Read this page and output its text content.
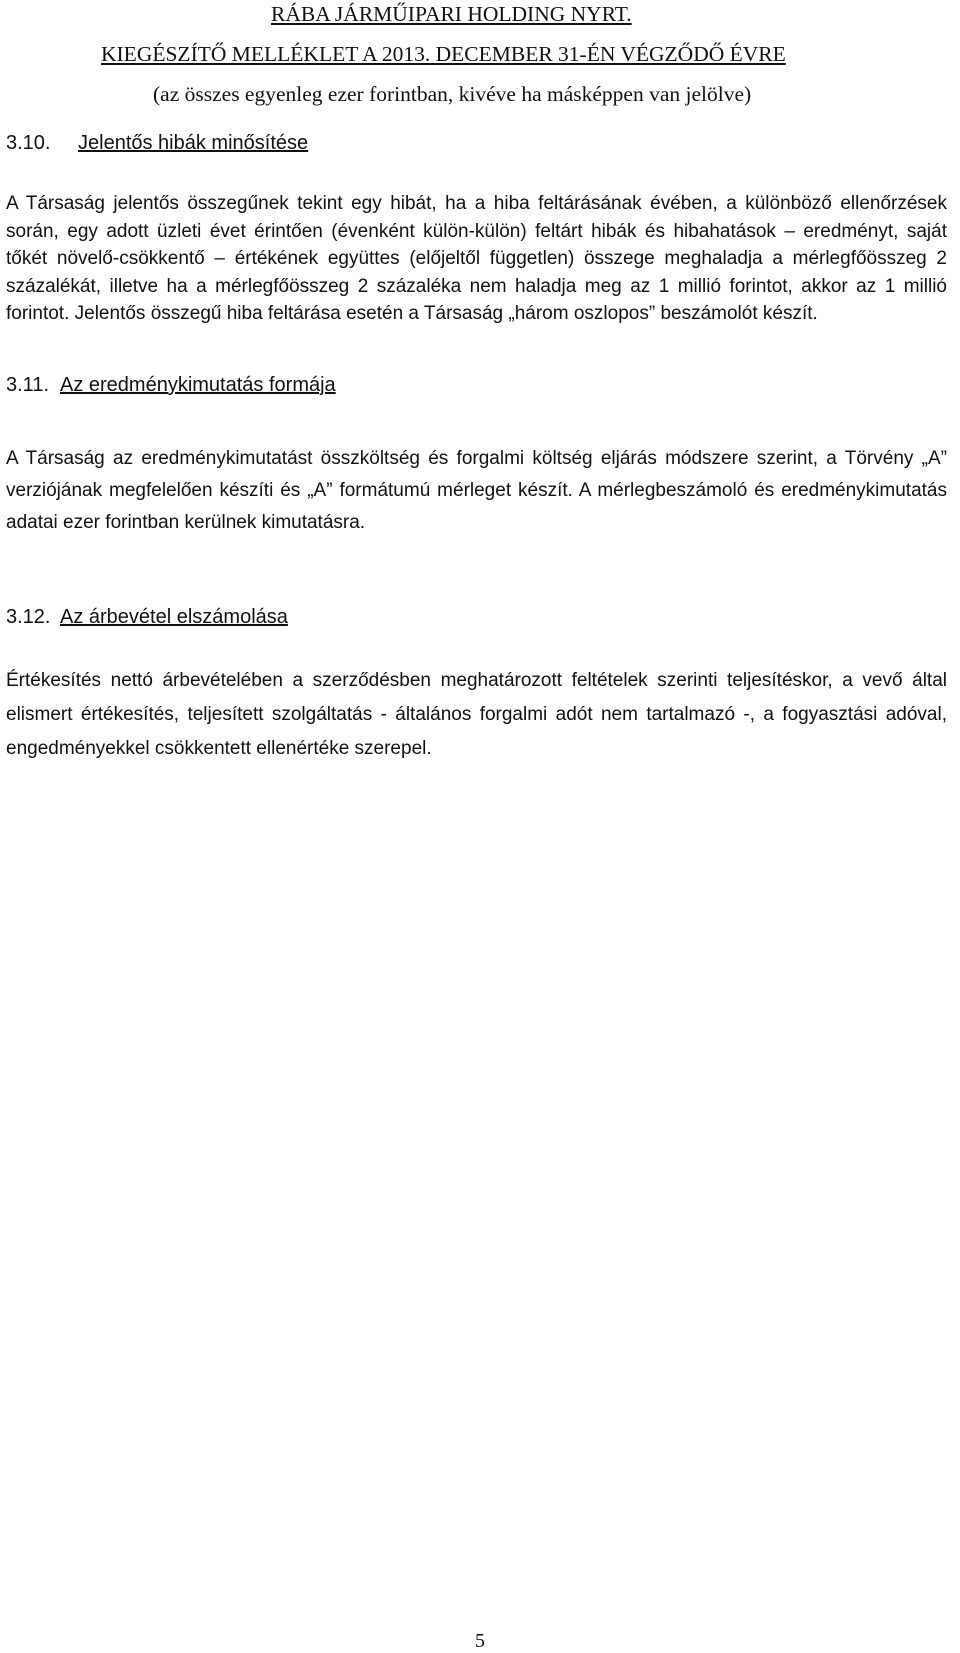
RÁBA JÁRMŰIPARI HOLDING NYRT.
KIEGÉSZÍTŐ MELLÉKLET A 2013. DECEMBER 31-ÉN VÉGZŐDŐ ÉVRE
(az összes egyenleg ezer forintban, kivéve ha másképpen van jelölve)
3.10. Jelentős hibák minősítése
A Társaság jelentős összegűnek tekint egy hibát, ha a hiba feltárásának évében, a különböző ellenőrzések során, egy adott üzleti évet érintően (évenként külön-külön) feltárt hibák és hibahatások – eredményt, saját tőkét növelő-csökkentő – értékének együttes (előjeltől független) összege meghaladja a mérlegfőösszeg 2 százalékát, illetve ha a mérlegfőösszeg 2 százaléka nem haladja meg az 1 millió forintot, akkor az 1 millió forintot. Jelentős összegű hiba feltárása esetén a Társaság „három oszlopos” beszámolót készít.
3.11. Az eredménykimutatás formája
A Társaság az eredménykimutatást összköltség és forgalmi költség eljárás módszere szerint, a Törvény „A” verziójának megfelelően készíti és „A” formátumú mérleget készít. A mérlegbeszámoló és eredménykimutatás adatai ezer forintban kerülnek kimutatásra.
3.12. Az árbevétel elszámolása
Értékesítés nettó árbevételében a szerződésben meghatározott feltételek szerinti teljesítéskor, a vevő által elismert értékesítés, teljesített szolgáltatás - általános forgalmi adót nem tartalmazó -, a fogyasztási adóval, engedményekkel csökkentett ellenértéke szerepel.
5
